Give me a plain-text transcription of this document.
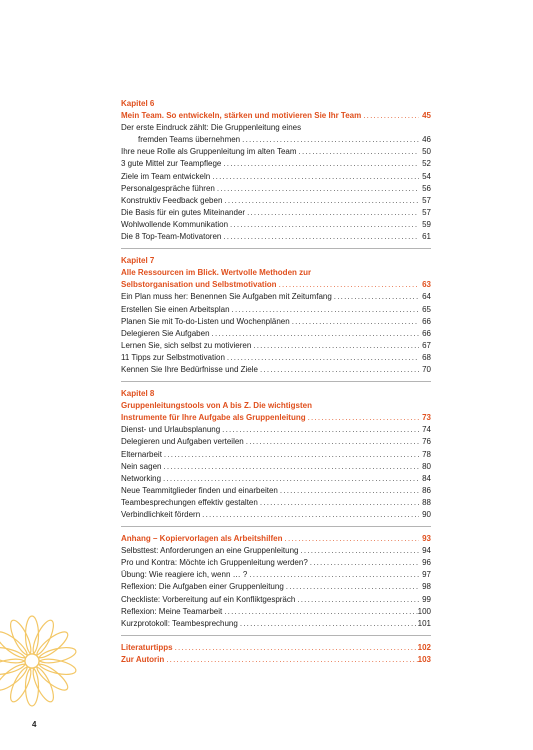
Kapitel 6
Mein Team. So entwickeln, stärken und motivieren Sie Ihr Team .....	45
Der erste Eindruck zählt: Die Gruppenleitung eines
fremden Teams übernehmen .....	46
Ihre neue Rolle als Gruppenleitung im alten Team .....	50
3 gute Mittel zur Teampflege .....	52
Ziele im Team entwickeln .....	54
Personalgespräche führen .....	56
Konstruktiv Feedback geben .....	57
Die Basis für ein gutes Miteinander .....	57
Wohlwollende Kommunikation .....	59
Die 8 Top-Team-Motivatoren .....	61
Kapitel 7
Alle Ressourcen im Blick. Wertvolle Methoden zur
Selbstorganisation und Selbstmotivation .....	63
Ein Plan muss her: Benennen Sie Aufgaben mit Zeitumfang .....	64
Erstellen Sie einen Arbeitsplan .....	65
Planen Sie mit To-do-Listen und Wochenplänen .....	66
Delegieren Sie Aufgaben .....	66
Lernen Sie, sich selbst zu motivieren .....	67
11 Tipps zur Selbstmotivation .....	68
Kennen Sie Ihre Bedürfnisse und Ziele .....	70
Kapitel 8
Gruppenleitungstools von A bis Z. Die wichtigsten
Instrumente für Ihre Aufgabe als Gruppenleitung .....	73
Dienst- und Urlaubsplanung .....	74
Delegieren und Aufgaben verteilen .....	76
Elternarbeit .....	78
Nein sagen .....	80
Networking .....	84
Neue Teammitglieder finden und einarbeiten .....	86
Teambesprechungen effektiv gestalten .....	88
Verbindlichkeit fördern .....	90
Anhang – Kopiervorlagen als Arbeitshilfen .....	93
Selbsttest: Anforderungen an eine Gruppenleitung .....	94
Pro und Kontra: Möchte ich Gruppenleitung werden? .....	96
Übung: Wie reagiere ich, wenn … ? .....	97
Reflexion: Die Aufgaben einer Gruppenleitung .....	98
Checkliste: Vorbereitung auf ein Konfliktgespräch .....	99
Reflexion: Meine Teamarbeit .....	100
Kurzprotokoll: Teambesprechung .....	101
Literaturtipps .....	102
Zur Autorin .....	103
4
